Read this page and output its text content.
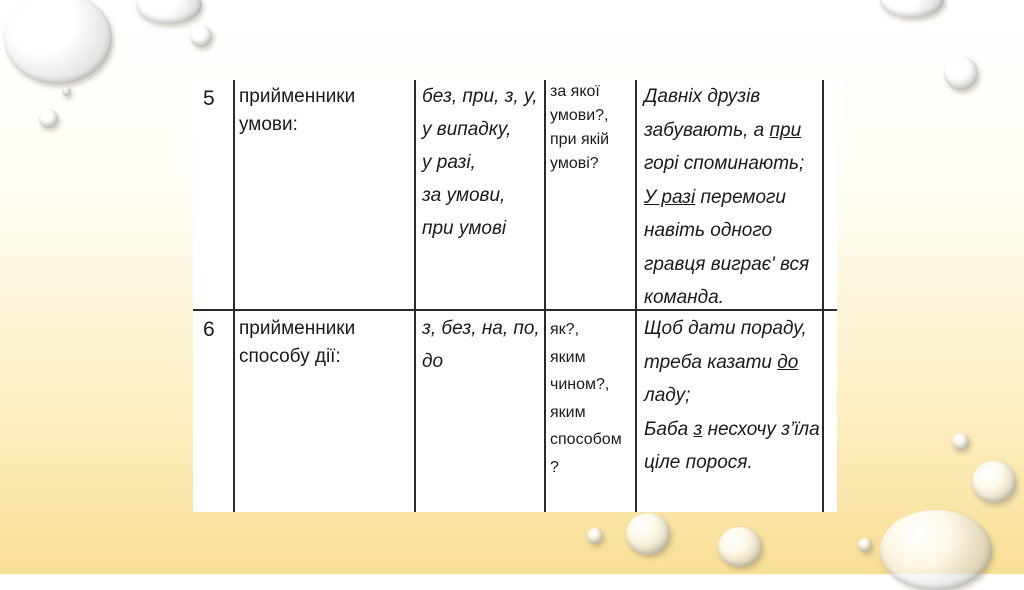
5 прийменники
умови:
без, при, з, у,
у випадку,
у разі,
за умови,
при умові
за якої
умови?,
при якій
умові?
Давніх друзів
забувають, а при
горі споминають;
У разі перемоги
навіть одного
гравця виграє' вся
команда.
6 прийменники
способу дії:
з, без, на, по,
до
як?,
яким
чином?,
яким
способом
?
Щоб дати пораду,
треба казати до
ладу;
Баба з несхочу з’їла
ціле порося.
